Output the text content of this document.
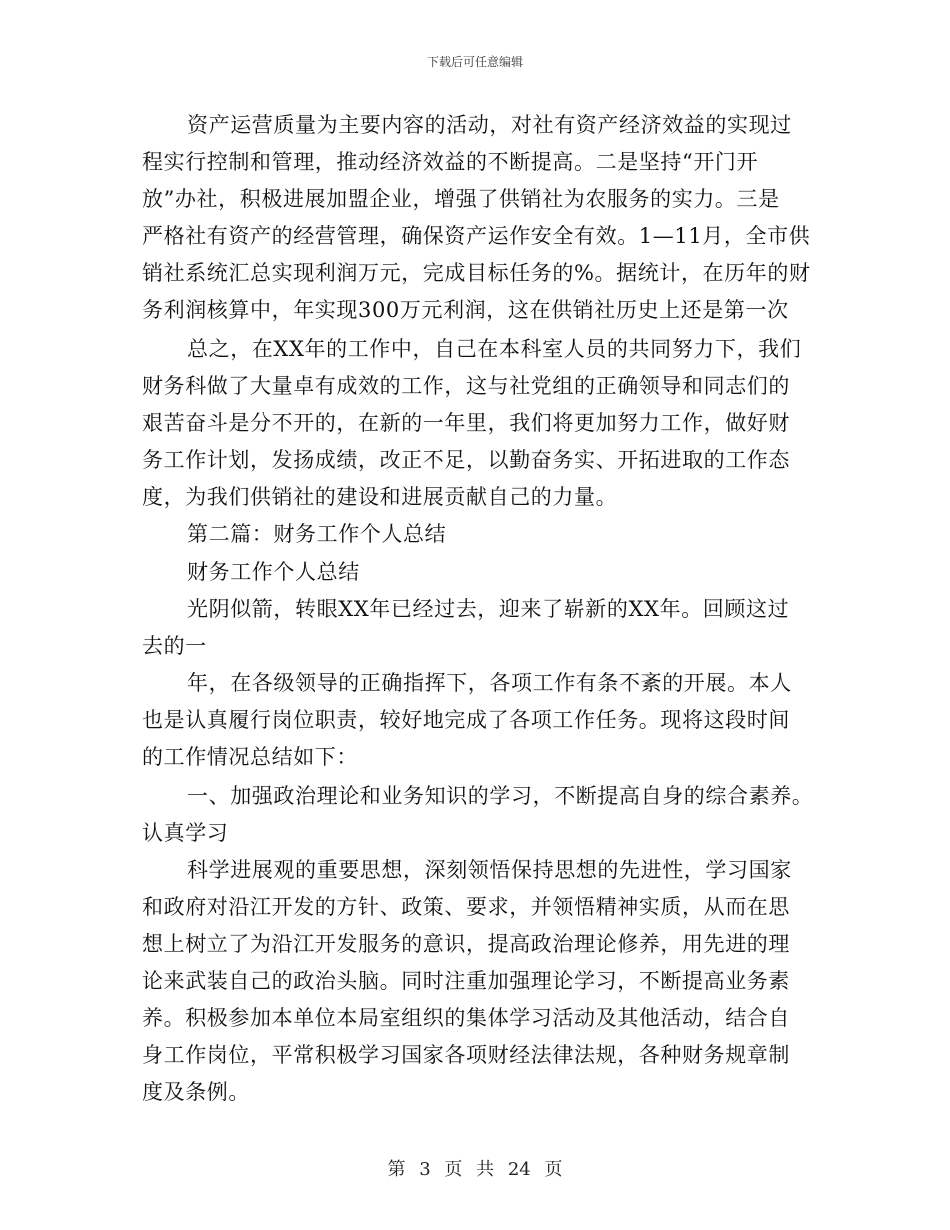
下载后可任意编辑
资产运营质量为主要内容的活动，对社有资产经济效益的实现过
程实行控制和管理，推动经济效益的不断提高。二是坚持“开门开
放”办社，积极进展加盟企业，增强了供销社为农服务的实力。三是
严格社有资产的经营管理，确保资产运作安全有效。1—11月，全市供
销社系统汇总实现利润万元，完成目标任务的%。据统计，在历年的财
务利润核算中，年实现300万元利润，这在供销社历史上还是第一次
总之，在XX年的工作中，自己在本科室人员的共同努力下，我们
财务科做了大量卓有成效的工作，这与社党组的正确领导和同志们的
艰苦奋斗是分不开的，在新的一年里，我们将更加努力工作，做好财
务工作计划，发扬成绩，改正不足，以勤奋务实、开拓进取的工作态
度，为我们供销社的建设和进展贡献自己的力量。
第二篇：财务工作个人总结
财务工作个人总结
光阴似箭，转眼XX年已经过去，迎来了崭新的XX年。回顾这过
去的一
年，在各级领导的正确指挥下，各项工作有条不紊的开展。本人
也是认真履行岗位职责，较好地完成了各项工作任务。现将这段时间
的工作情况总结如下：
一、加强政治理论和业务知识的学习，不断提高自身的综合素养。
认真学习
科学进展观的重要思想，深刻领悟保持思想的先进性，学习国家
和政府对沿江开发的方针、政策、要求，并领悟精神实质，从而在思
想上树立了为沿江开发服务的意识，提高政治理论修养，用先进的理
论来武装自己的政治头脑。同时注重加强理论学习，不断提高业务素
养。积极参加本单位本局室组织的集体学习活动及其他活动，结合自
身工作岗位，平常积极学习国家各项财经法律法规，各种财务规章制
度及条例。
第 3 页 共 24 页
